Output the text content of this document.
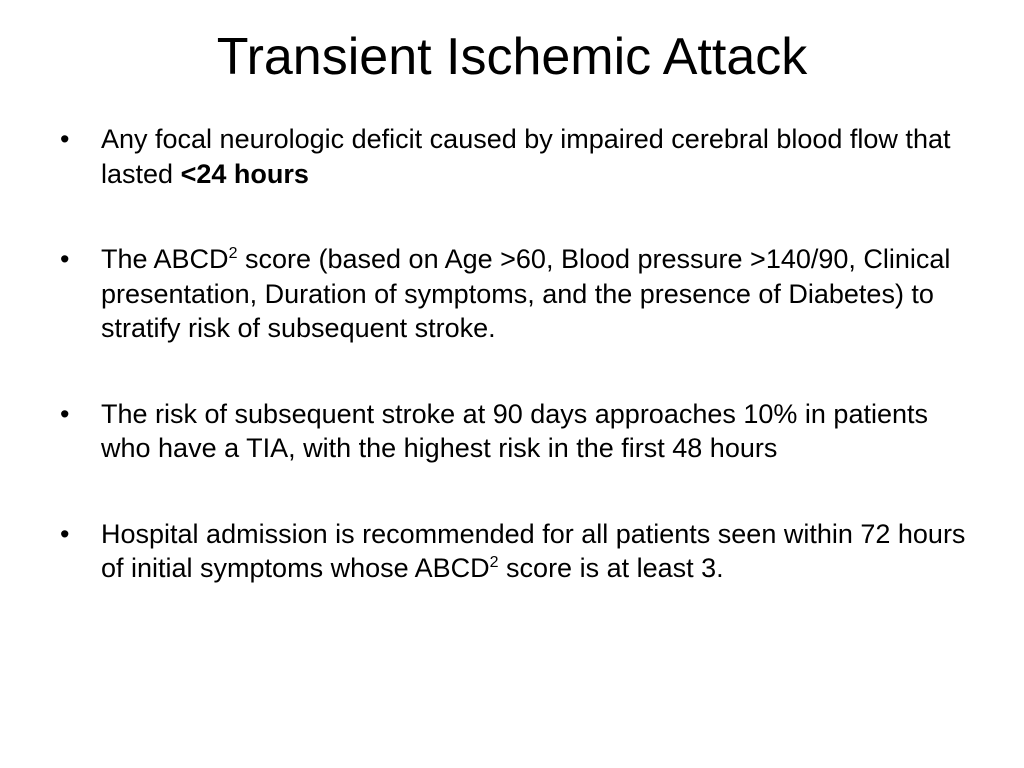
Transient Ischemic Attack
• Any focal neurologic deficit caused by impaired cerebral blood flow that lasted <24 hours
• The ABCD$^2$ score (based on Age >60, Blood pressure >140/90, Clinical presentation, Duration of symptoms, and the presence of Diabetes) to stratify risk of subsequent stroke.
• The risk of subsequent stroke at 90 days approaches 10% in patients who have a TIA, with the highest risk in the first 48 hours
• Hospital admission is recommended for all patients seen within 72 hours of initial symptoms whose ABCD$^2$ score is at least 3.
